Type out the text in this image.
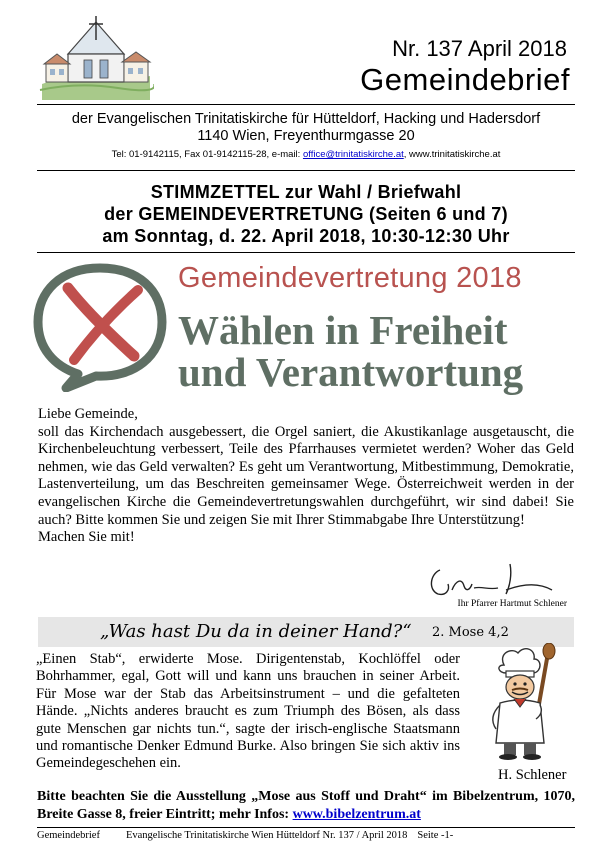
Nr. 137 April 2018
Gemeindebrief
der Evangelischen Trinitatiskirche für Hütteldorf, Hacking und Hadersdorf
1140 Wien, Freyenthurmgasse 20
Tel: 01-9142115, Fax 01-9142115-28, e-mail: office@trinitatiskirche.at, www.trinitatiskirche.at
STIMMZETTEL zur Wahl / Briefwahl
der GEMEINDEVERTRETUNG (Seiten 6 und 7)
am Sonntag, d. 22. April 2018, 10:30-12:30 Uhr
Gemeindevertretung 2018
Wählen in Freiheit
und Verantwortung

Liebe Gemeinde,

soll das Kirchendach ausgebessert, die Orgel saniert, die Akustikanlage ausgetauscht, die Kirchenbeleuchtung verbessert, Teile des Pfarrhauses vermietet werden? Woher das Geld nehmen, wie das Geld verwalten? Es geht um Verantwortung, Mitbestimmung, Demokratie, Lastenverteilung, um das Beschreiten gemeinsamer Wege. Österreichweit werden in der evangelischen Kirche die Gemeindevertretungswahlen durchgeführt, wir sind dabei! Sie auch? Bitte kommen Sie und zeigen Sie mit Ihrer Stimmabgabe Ihre Unterstützung!

Machen Sie mit!

Ihr Pfarrer Hartmut Schlener
„Was hast Du da in deiner Hand?“ 2. Mose 4,2
„Einen Stab“, erwiderte Mose. Dirigentenstab, Kochlöffel oder Bohrhammer, egal, Gott will und kann uns brauchen in seiner Arbeit. Für Mose war der Stab das Arbeitsinstrument – und die gefalteten Hände. „Nichts anderes braucht es zum Triumph des Bösen, als dass gute Menschen gar nichts tun.“, sagte der irisch-englische Staatsmann und romantische Denker Edmund Burke. Also bringen Sie sich aktiv ins Gemeindegeschehen ein.
H. Schlener
Bitte beachten Sie die Ausstellung „Mose aus Stoff und Draht“ im Bibelzentrum, 1070, Breite Gasse 8, freier Eintritt; mehr Infos: www.bibelzentrum.at
Gemeindebrief Evangelische Trinitatiskirche Wien Hütteldorf Nr. 137 / April 2018 Seite -1-
